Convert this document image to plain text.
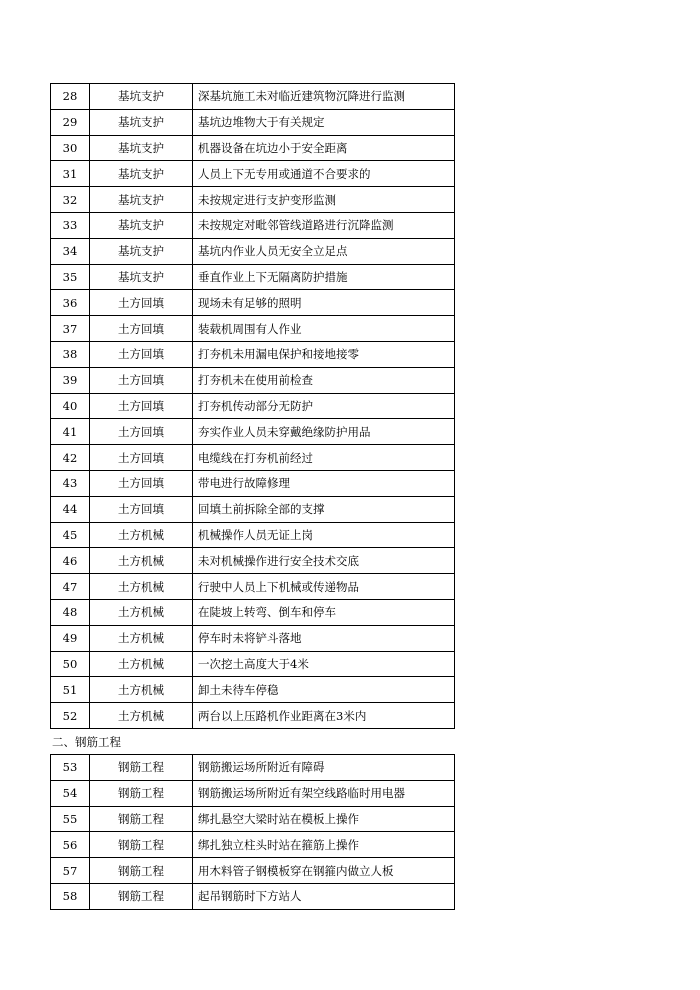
28	基坑支护	深基坑施工未对临近建筑物沉降进行监测
29	基坑支护	基坑边堆物大于有关规定
30	基坑支护	机器设备在坑边小于安全距离
31	基坑支护	人员上下无专用或通道不合要求的
32	基坑支护	未按规定进行支护变形监测
33	基坑支护	未按规定对毗邻管线道路进行沉降监测
34	基坑支护	基坑内作业人员无安全立足点
35	基坑支护	垂直作业上下无隔离防护措施
36	土方回填	现场未有足够的照明
37	土方回填	装载机周围有人作业
38	土方回填	打夯机未用漏电保护和接地接零
39	土方回填	打夯机未在使用前检查
40	土方回填	打夯机传动部分无防护
41	土方回填	夯实作业人员未穿戴绝缘防护用品
42	土方回填	电缆线在打夯机前经过
43	土方回填	带电进行故障修理
44	土方回填	回填土前拆除全部的支撑
45	土方机械	机械操作人员无证上岗
46	土方机械	未对机械操作进行安全技术交底
47	土方机械	行驶中人员上下机械或传递物品
48	土方机械	在陡坡上转弯、倒车和停车
49	土方机械	停车时未将铲斗落地
50	土方机械	一次挖土高度大于4米
51	土方机械	卸土未待车停稳
52	土方机械	两台以上压路机作业距离在3米内
二、钢筋工程
53	钢筋工程	钢筋搬运场所附近有障碍
54	钢筋工程	钢筋搬运场所附近有架空线路临时用电器
55	钢筋工程	绑扎悬空大梁时站在模板上操作
56	钢筋工程	绑扎独立柱头时站在箍筋上操作
57	钢筋工程	用木料管子钢模板穿在钢箍内做立人板
58	钢筋工程	起吊钢筋时下方站人
